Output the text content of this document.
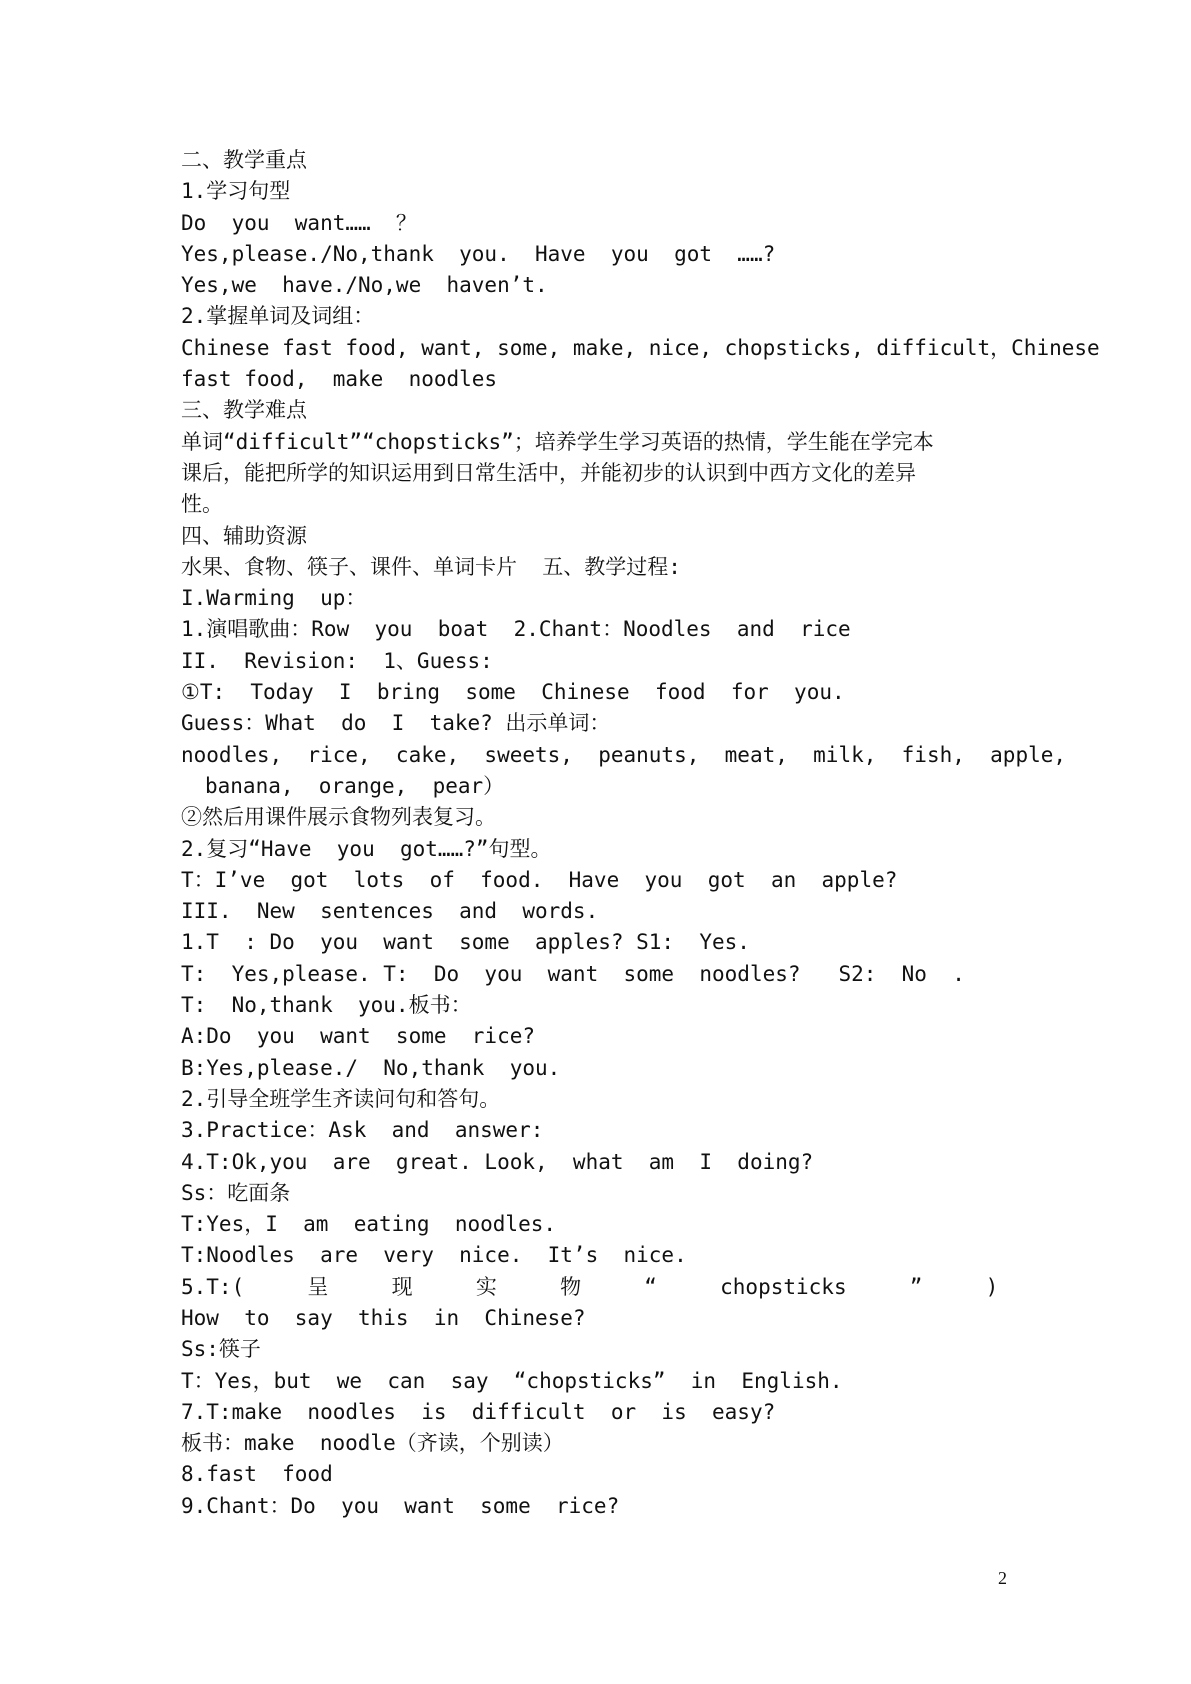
二、教学重点
1.学习句型
Do  you  want……  ？
Yes,please./No,thank  you.  Have  you  got  ……?
Yes,we  have./No,we  haven’t.
2.掌握单词及词组：
Chinese fast food, want, some, make, nice, chopsticks, difficult，Chinese
fast food,  make  noodles
三、教学难点
单词“difficult”“chopsticks”；培养学生学习英语的热情，学生能在学完本
课后，能把所学的知识运用到日常生活中，并能初步的认识到中西方文化的差异
性。
四、辅助资源
水果、食物、筷子、课件、单词卡片  五、教学过程:
I.Warming  up：
1.演唱歌曲：Row  you  boat  2.Chant：Noodles  and  rice
II.  Revision:  1、Guess:
①T:  Today  I  bring  some  Chinese  food  for  you.
Guess：What  do  I  take? 出示单词：
noodles,  rice,  cake,  sweets,  peanuts,  meat,  milk,  fish,  apple,
banana,  orange,  pear）
②然后用课件展示食物列表复习。
2.复习“Have  you  got……?”句型。
T：I’ve  got  lots  of  food.  Have  you  got  an  apple?
III.  New  sentences  and  words.
1.T  : Do  you  want  some  apples? S1:  Yes.
T:  Yes,please. T:  Do  you  want  some  noodles?   S2:  No  .
T:  No,thank  you.板书：
A:Do  you  want  some  rice?
B:Yes,please./  No,thank  you.
2.引导全班学生齐读问句和答句。
3.Practice：Ask  and  answer:
4.T:Ok,you  are  great. Look,  what  am  I  doing?
Ss：吃面条
T:Yes，I  am  eating  noodles.
T:Noodles  are  very  nice.  It’s  nice.
5.T:(     呈     现     实     物     “     chopsticks     ”     )
How  to  say  this  in  Chinese?
Ss:筷子
T：Yes，but  we  can  say  “chopsticks”  in  English.
7.T:make  noodles  is  difficult  or  is  easy?
板书：make  noodle（齐读，个别读）
8.fast  food
9.Chant：Do  you  want  some  rice?
2
